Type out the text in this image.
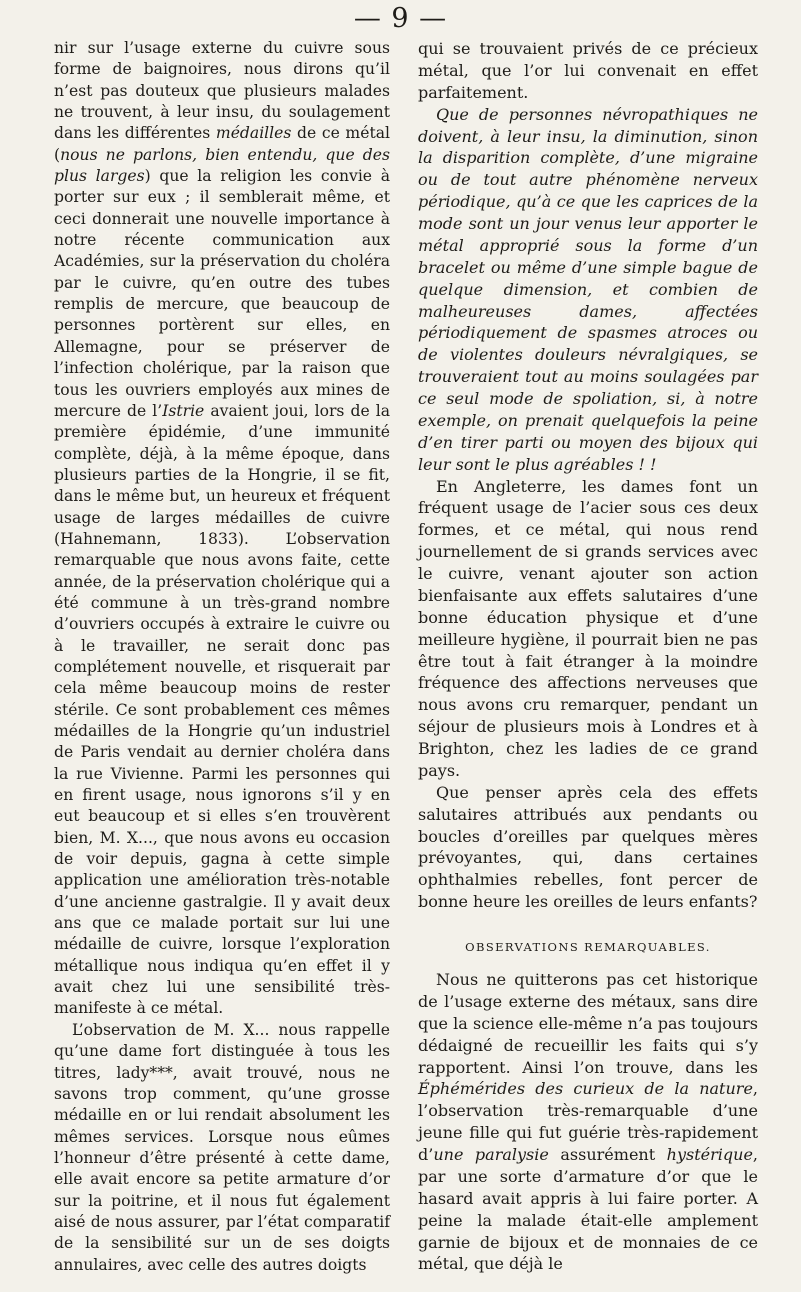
— 9 —

nir sur l’usage externe du cuivre sous forme de baignoires, nous dirons qu’il n’est pas douteux que plusieurs malades ne trouvent, à leur insu, du soulagement dans les différentes médailles de ce métal (nous ne parlons, bien entendu, que des plus larges) que la religion les convie à porter sur eux ; il semblerait même, et ceci donnerait une nouvelle importance à notre récente communication aux Académies, sur la préservation du choléra par le cuivre, qu’en outre des tubes remplis de mercure, que beaucoup de personnes portèrent sur elles, en Allemagne, pour se préserver de l’infection cholérique, par la raison que tous les ouvriers employés aux mines de mercure de l’Istrie avaient joui, lors de la première épidémie, d’une immunité complète, déjà, à la même époque, dans plusieurs parties de la Hongrie, il se fit, dans le même but, un heureux et fréquent usage de larges médailles de cuivre (Hahnemann, 1833). L’observation remarquable que nous avons faite, cette année, de la préservation cholérique qui a été commune à un très-grand nombre d’ouvriers occupés à extraire le cuivre ou à le travailler, ne serait donc pas complétement nouvelle, et risquerait par cela même beaucoup moins de rester stérile. Ce sont probablement ces mêmes médailles de la Hongrie qu’un industriel de Paris vendait au dernier choléra dans la rue Vivienne. Parmi les personnes qui en firent usage, nous ignorons s’il y en eut beaucoup et si elles s’en trouvèrent bien, M. X..., que nous avons eu occasion de voir depuis, gagna à cette simple application une amélioration très-notable d’une ancienne gastralgie. Il y avait deux ans que ce malade portait sur lui une médaille de cuivre, lorsque l’exploration métallique nous indiqua qu’en effet il y avait chez lui une sensibilité très-manifeste à ce métal.

L’observation de M. X... nous rappelle qu’une dame fort distinguée à tous les titres, lady***, avait trouvé, nous ne savons trop comment, qu’une grosse médaille en or lui rendait absolument les mêmes services. Lorsque nous eûmes l’honneur d’être présenté à cette dame, elle avait encore sa petite armature d’or sur la poitrine, et il nous fut également aisé de nous assurer, par l’état comparatif de la sensibilité sur un de ses doigts annulaires, avec celle des autres doigts

qui se trouvaient privés de ce précieux métal, que l’or lui convenait en effet parfaitement.

Que de personnes névropathiques ne doivent, à leur insu, la diminution, sinon la disparition complète, d’une migraine ou de tout autre phénomène nerveux périodique, qu’à ce que les caprices de la mode sont un jour venus leur apporter le métal approprié sous la forme d’un bracelet ou même d’une simple bague de quelque dimension, et combien de malheureuses dames, affectées périodiquement de spasmes atroces ou de violentes douleurs névralgiques, se trouveraient tout au moins soulagées par ce seul mode de spoliation, si, à notre exemple, on prenait quelquefois la peine d’en tirer parti ou moyen des bijoux qui leur sont le plus agréables ! !

En Angleterre, les dames font un fréquent usage de l’acier sous ces deux formes, et ce métal, qui nous rend journellement de si grands services avec le cuivre, venant ajouter son action bienfaisante aux effets salutaires d’une bonne éducation physique et d’une meilleure hygiène, il pourrait bien ne pas être tout à fait étranger à la moindre fréquence des affections nerveuses que nous avons cru remarquer, pendant un séjour de plusieurs mois à Londres et à Brighton, chez les ladies de ce grand pays.

Que penser après cela des effets salutaires attribués aux pendants ou boucles d’oreilles par quelques mères prévoyantes, qui, dans certaines ophthalmies rebelles, font percer de bonne heure les oreilles de leurs enfants?

OBSERVATIONS REMARQUABLES.

Nous ne quitterons pas cet historique de l’usage externe des métaux, sans dire que la science elle-même n’a pas toujours dédaigné de recueillir les faits qui s’y rapportent. Ainsi l’on trouve, dans les Éphémérides des curieux de la nature, l’observation très-remarquable d’une jeune fille qui fut guérie très-rapidement d’une paralysie assurément hystérique, par une sorte d’armature d’or que le hasard avait appris à lui faire porter. A peine la malade était-elle amplement garnie de bijoux et de monnaies de ce métal, que déjà le
